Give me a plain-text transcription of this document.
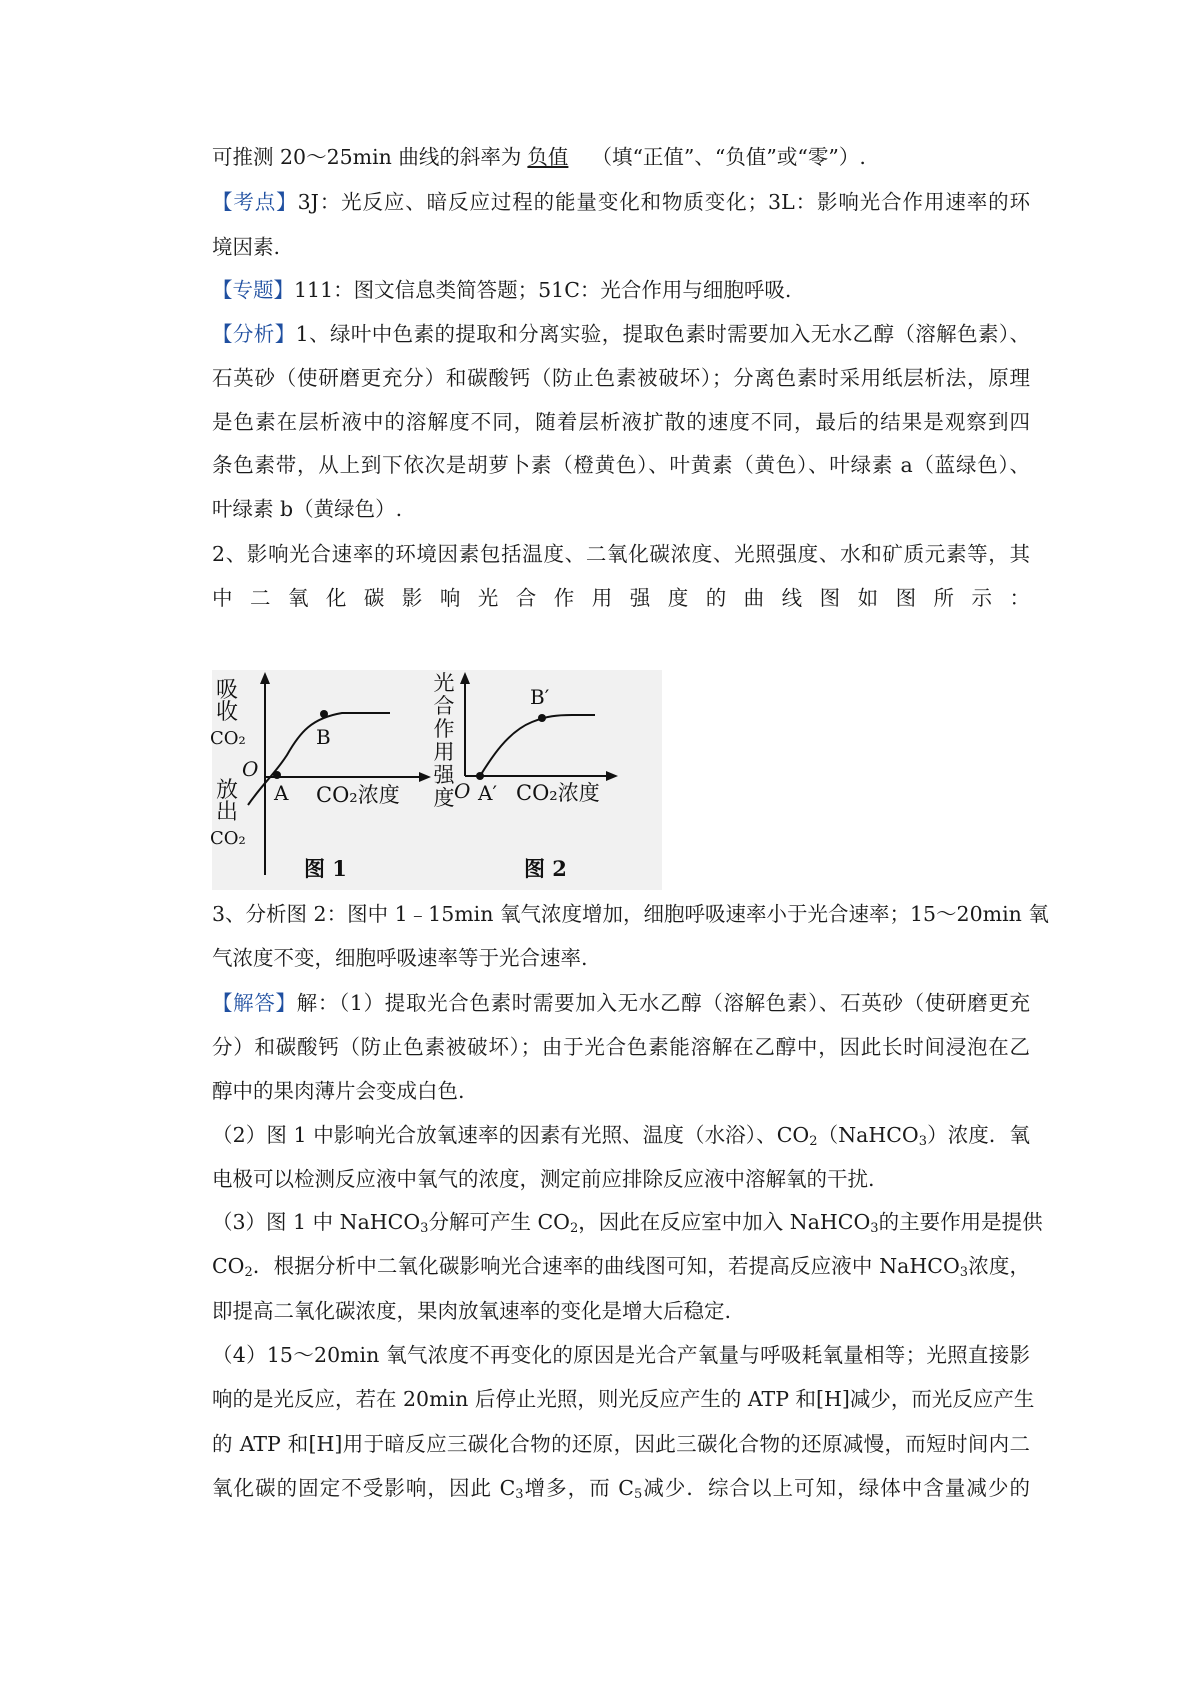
可推测 20～25min 曲线的斜率为 负值 （填“正值”、“负值”或“零”）.
【考点】3J：光反应、暗反应过程的能量变化和物质变化；3L：影响光合作用速率的环
境因素.
【专题】111：图文信息类简答题；51C：光合作用与细胞呼吸.
【分析】1、绿叶中色素的提取和分离实验，提取色素时需要加入无水乙醇（溶解色素）、
石英砂（使研磨更充分）和碳酸钙（防止色素被破坏）；分离色素时采用纸层析法，原理
是色素在层析液中的溶解度不同，随着层析液扩散的速度不同，最后的结果是观察到四
条色素带，从上到下依次是胡萝卜素（橙黄色）、叶黄素（黄色）、叶绿素 a（蓝绿色）、
叶绿素 b（黄绿色）.
2、影响光合速率的环境因素包括温度、二氧化碳浓度、光照强度、水和矿质元素等，其
中二氧化碳影响光合作用强度的曲线图如图所示：
吸收
CO₂
O
放出
CO₂
A
B
CO₂浓度
图 1
光合作用强度 O A′
B′
CO₂浓度
图 2
3、分析图 2：图中 1﹣15min 氧气浓度增加，细胞呼吸速率小于光合速率；15～20min 氧
气浓度不变，细胞呼吸速率等于光合速率.
【解答】解：（1）提取光合色素时需要加入无水乙醇（溶解色素）、石英砂（使研磨更充
分）和碳酸钙（防止色素被破坏）；由于光合色素能溶解在乙醇中，因此长时间浸泡在乙
醇中的果肉薄片会变成白色.
（2）图 1 中影响光合放氧速率的因素有光照、温度（水浴）、$CO_2(NaHCO_3)$浓度．氧
电极可以检测反应液中氧气的浓度，测定前应排除反应液中溶解氧的干扰.
（3）图 1 中 NaHCO$_3$分解可产生 $CO_2$，因此在反应室中加入 NaHCO$_3$的主要作用是提供
$CO_2$．根据分析中二氧化碳影响光合速率的曲线图可知，若提高反应液中 NaHCO$_3$浓度，
即提高二氧化碳浓度，果肉放氧速率的变化是增大后稳定.
（4）15～20min 氧气浓度不再变化的原因是光合产氧量与呼吸耗氧量相等；光照直接影
响的是光反应，若在 20min 后停止光照，则光反应产生的 ATP 和[H]减少，而光反应产生
的 ATP 和[H]用于暗反应三碳化合物的还原，因此三碳化合物的还原减慢，而短时间内二
氧化碳的固定不受影响，因此 $C_3$增多，而 $C_5$减少．综合以上可知，绿体中含量减少的
